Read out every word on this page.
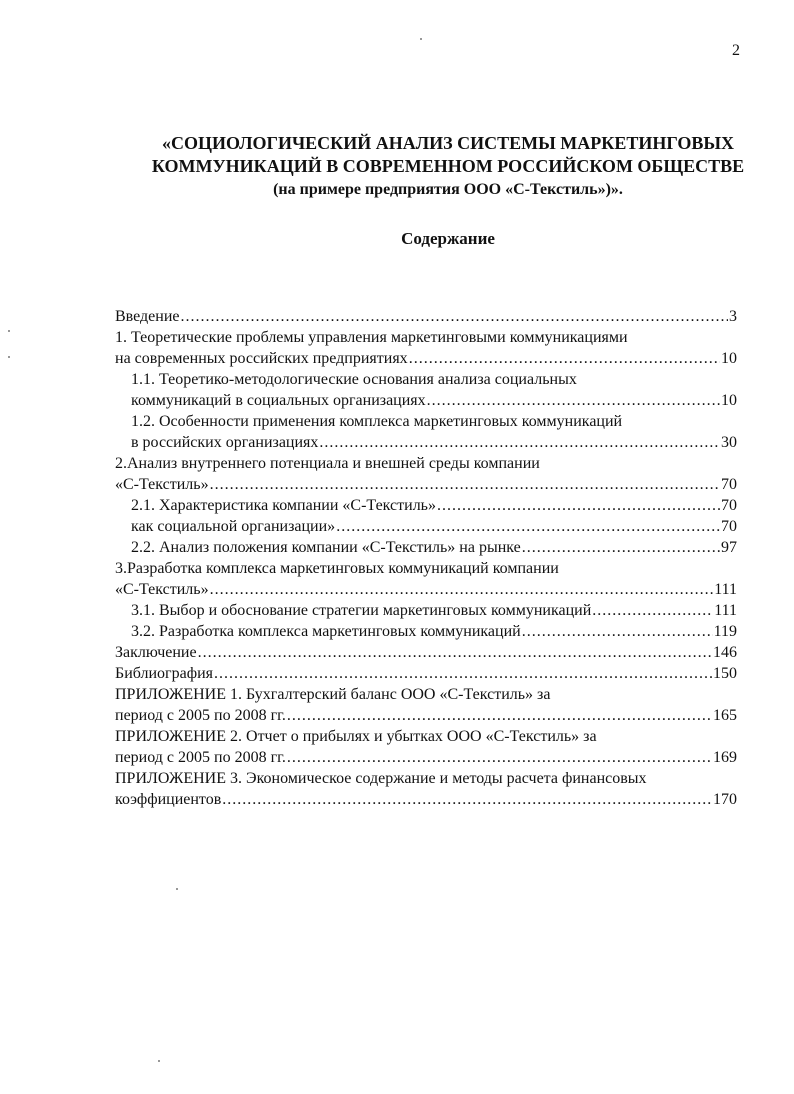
2
«СОЦИОЛОГИЧЕСКИЙ АНАЛИЗ СИСТЕМЫ МАРКЕТИНГОВЫХ
КОММУНИКАЦИЙ В СОВРЕМЕННОМ РОССИЙСКОМ ОБЩЕСТВЕ
(на примере предприятия ООО «С-Текстиль»)».
Содержание
Введение .....	3
1. Теоретические проблемы управления маркетинговыми коммуникациями
на современных российских предприятиях .....	10
1.1. Теоретико-методологические основания анализа социальных
коммуникаций в социальных организациях .....	10
1.2. Особенности применения комплекса маркетинговых коммуникаций
в российских организациях .....	30
2.Анализ внутреннего потенциала и внешней среды компании
«С-Текстиль» .....	70
2.1. Характеристика компании «С-Текстиль» .....	70
как социальной организации» .....	70
2.2. Анализ положения компании «С-Текстиль» на рынке .....	97
3.Разработка комплекса маркетинговых коммуникаций компании
«С-Текстиль» .....	111
3.1. Выбор и обоснование стратегии маркетинговых коммуникаций .....	111
3.2. Разработка комплекса маркетинговых коммуникаций .....	119
Заключение .....	146
Библиография .....	150
ПРИЛОЖЕНИЕ 1. Бухгалтерский баланс ООО «С-Текстиль» за
период с 2005 по 2008 гг. .....	165
ПРИЛОЖЕНИЕ 2. Отчет о прибылях и убытках ООО «С-Текстиль» за
период с 2005 по 2008 гг. .....	169
ПРИЛОЖЕНИЕ 3. Экономическое содержание и методы расчета финансовых
коэффициентов .....	170
